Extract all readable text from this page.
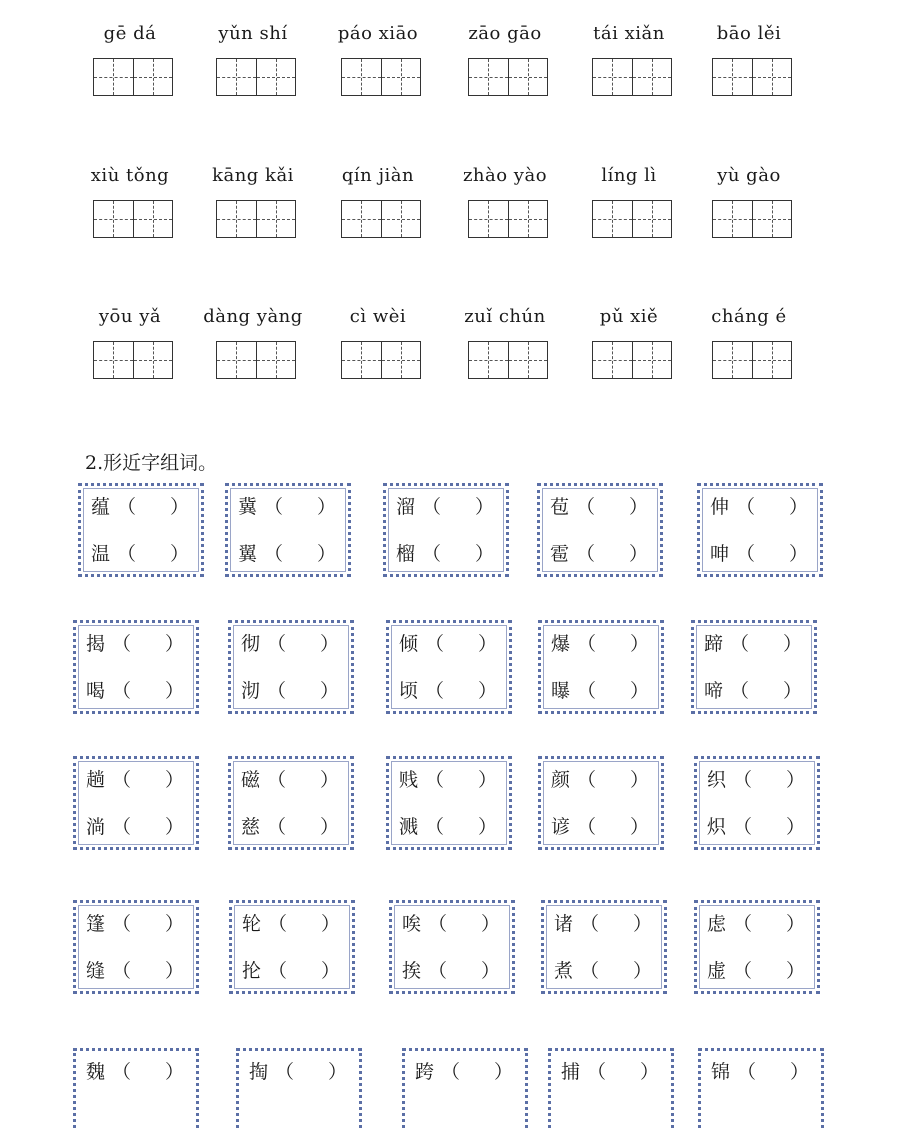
gē dá	yǔn shí	páo xiāo	zāo gāo	tái xiǎn	bāo lěi
xiù tǒng	kāng kǎi	qín jiàn	zhào yào	líng lì	yù gào
yōu yǎ	dàng yàng	cì wèi	zuǐ chún	pǔ xiě	cháng é
2.形近字组词。
蕴 （ ）
温 （ ）
冀 （ ）
翼 （ ）
溜 （ ）
榴 （ ）
苞 （ ）
雹 （ ）
伸 （ ）
呻 （ ）
揭 （ ）
喝 （ ）
彻 （ ）
沏 （ ）
倾 （ ）
顷 （ ）
爆 （ ）
曝 （ ）
蹄 （ ）
啼 （ ）
趟 （ ）
淌 （ ）
磁 （ ）
慈 （ ）
贱 （ ）
溅 （ ）
颜 （ ）
谚 （ ）
织 （ ）
炽 （ ）
篷 （ ）
缝 （ ）
轮 （ ）
抡 （ ）
唉 （ ）
挨 （ ）
诸 （ ）
煮 （ ）
虑 （ ）
虚 （ ）
魏 （ ）	掏 （ ）	跨 （ ）	捕 （ ）	锦 （ ）
